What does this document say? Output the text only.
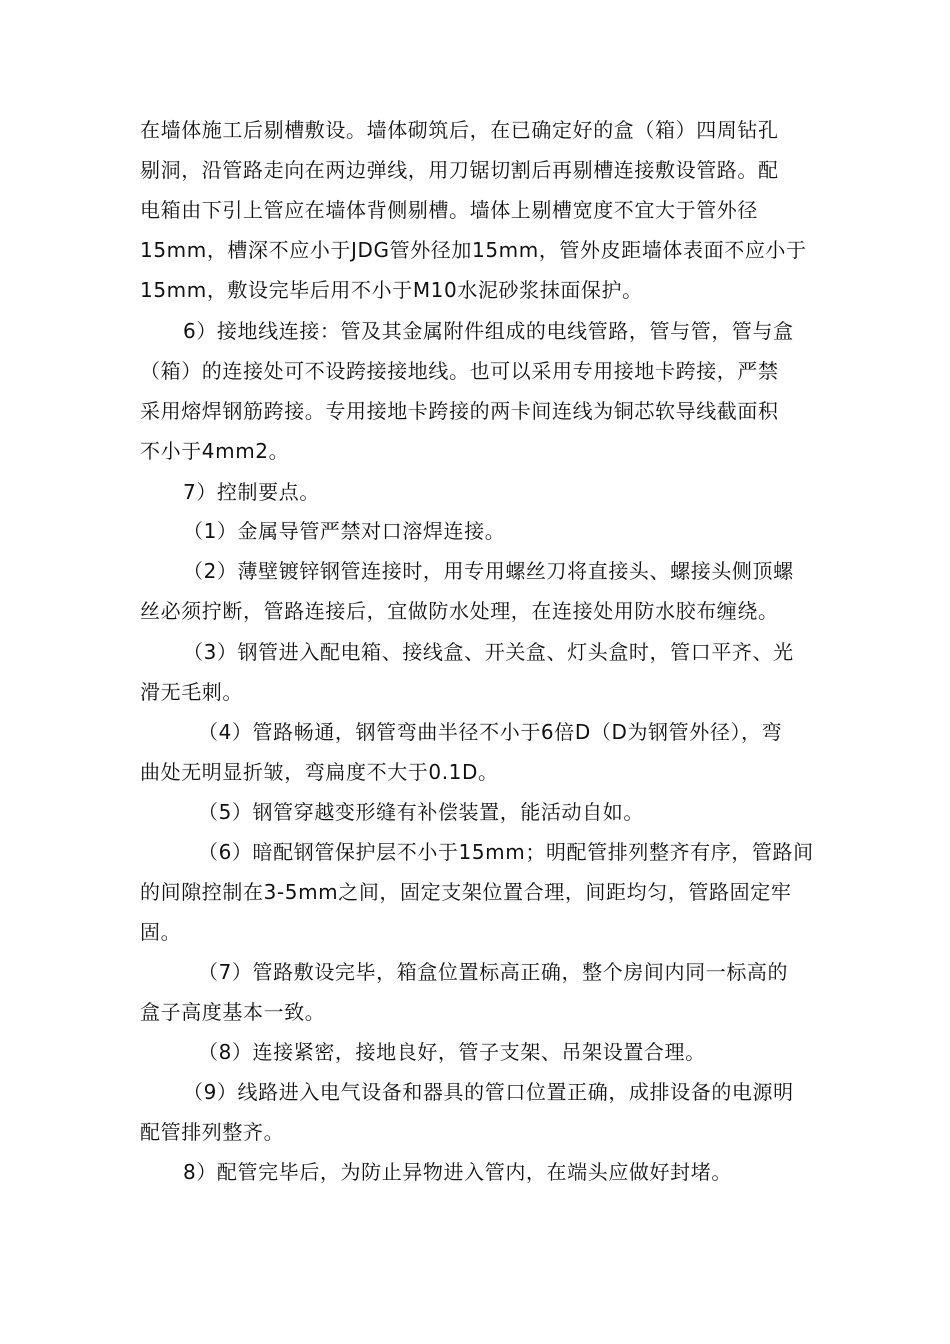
在墙体施工后剔槽敷设。墙体砌筑后，在已确定好的盒（箱）四周钻孔
剔洞，沿管路走向在两边弹线，用刀锯切割后再剔槽连接敷设管路。配
电箱由下引上管应在墙体背侧剔槽。墙体上剔槽宽度不宜大于管外径
15mm，槽深不应小于JDG管外径加15mm，管外皮距墙体表面不应小于
15mm，敷设完毕后用不小于M10水泥砂浆抹面保护。
6）接地线连接：管及其金属附件组成的电线管路，管与管，管与盒
（箱）的连接处可不设跨接接地线。也可以采用专用接地卡跨接，严禁
采用熔焊钢筋跨接。专用接地卡跨接的两卡间连线为铜芯软导线截面积
不小于4mm2。
7）控制要点。
（1）金属导管严禁对口溶焊连接。
（2）薄壁镀锌钢管连接时，用专用螺丝刀将直接头、螺接头侧顶螺
丝必须拧断，管路连接后，宜做防水处理，在连接处用防水胶布缠绕。
（3）钢管进入配电箱、接线盒、开关盒、灯头盒时，管口平齐、光
滑无毛刺。
（4）管路畅通，钢管弯曲半径不小于6倍D（D为钢管外径），弯
曲处无明显折皱，弯扁度不大于0.1D。
（5）钢管穿越变形缝有补偿装置，能活动自如。
（6）暗配钢管保护层不小于15mm；明配管排列整齐有序，管路间
的间隙控制在3-5mm之间，固定支架位置合理，间距均匀，管路固定牢
固。
（7）管路敷设完毕，箱盒位置标高正确，整个房间内同一标高的
盒子高度基本一致。
（8）连接紧密，接地良好，管子支架、吊架设置合理。
（9）线路进入电气设备和器具的管口位置正确，成排设备的电源明
配管排列整齐。
8）配管完毕后，为防止异物进入管内，在端头应做好封堵。
